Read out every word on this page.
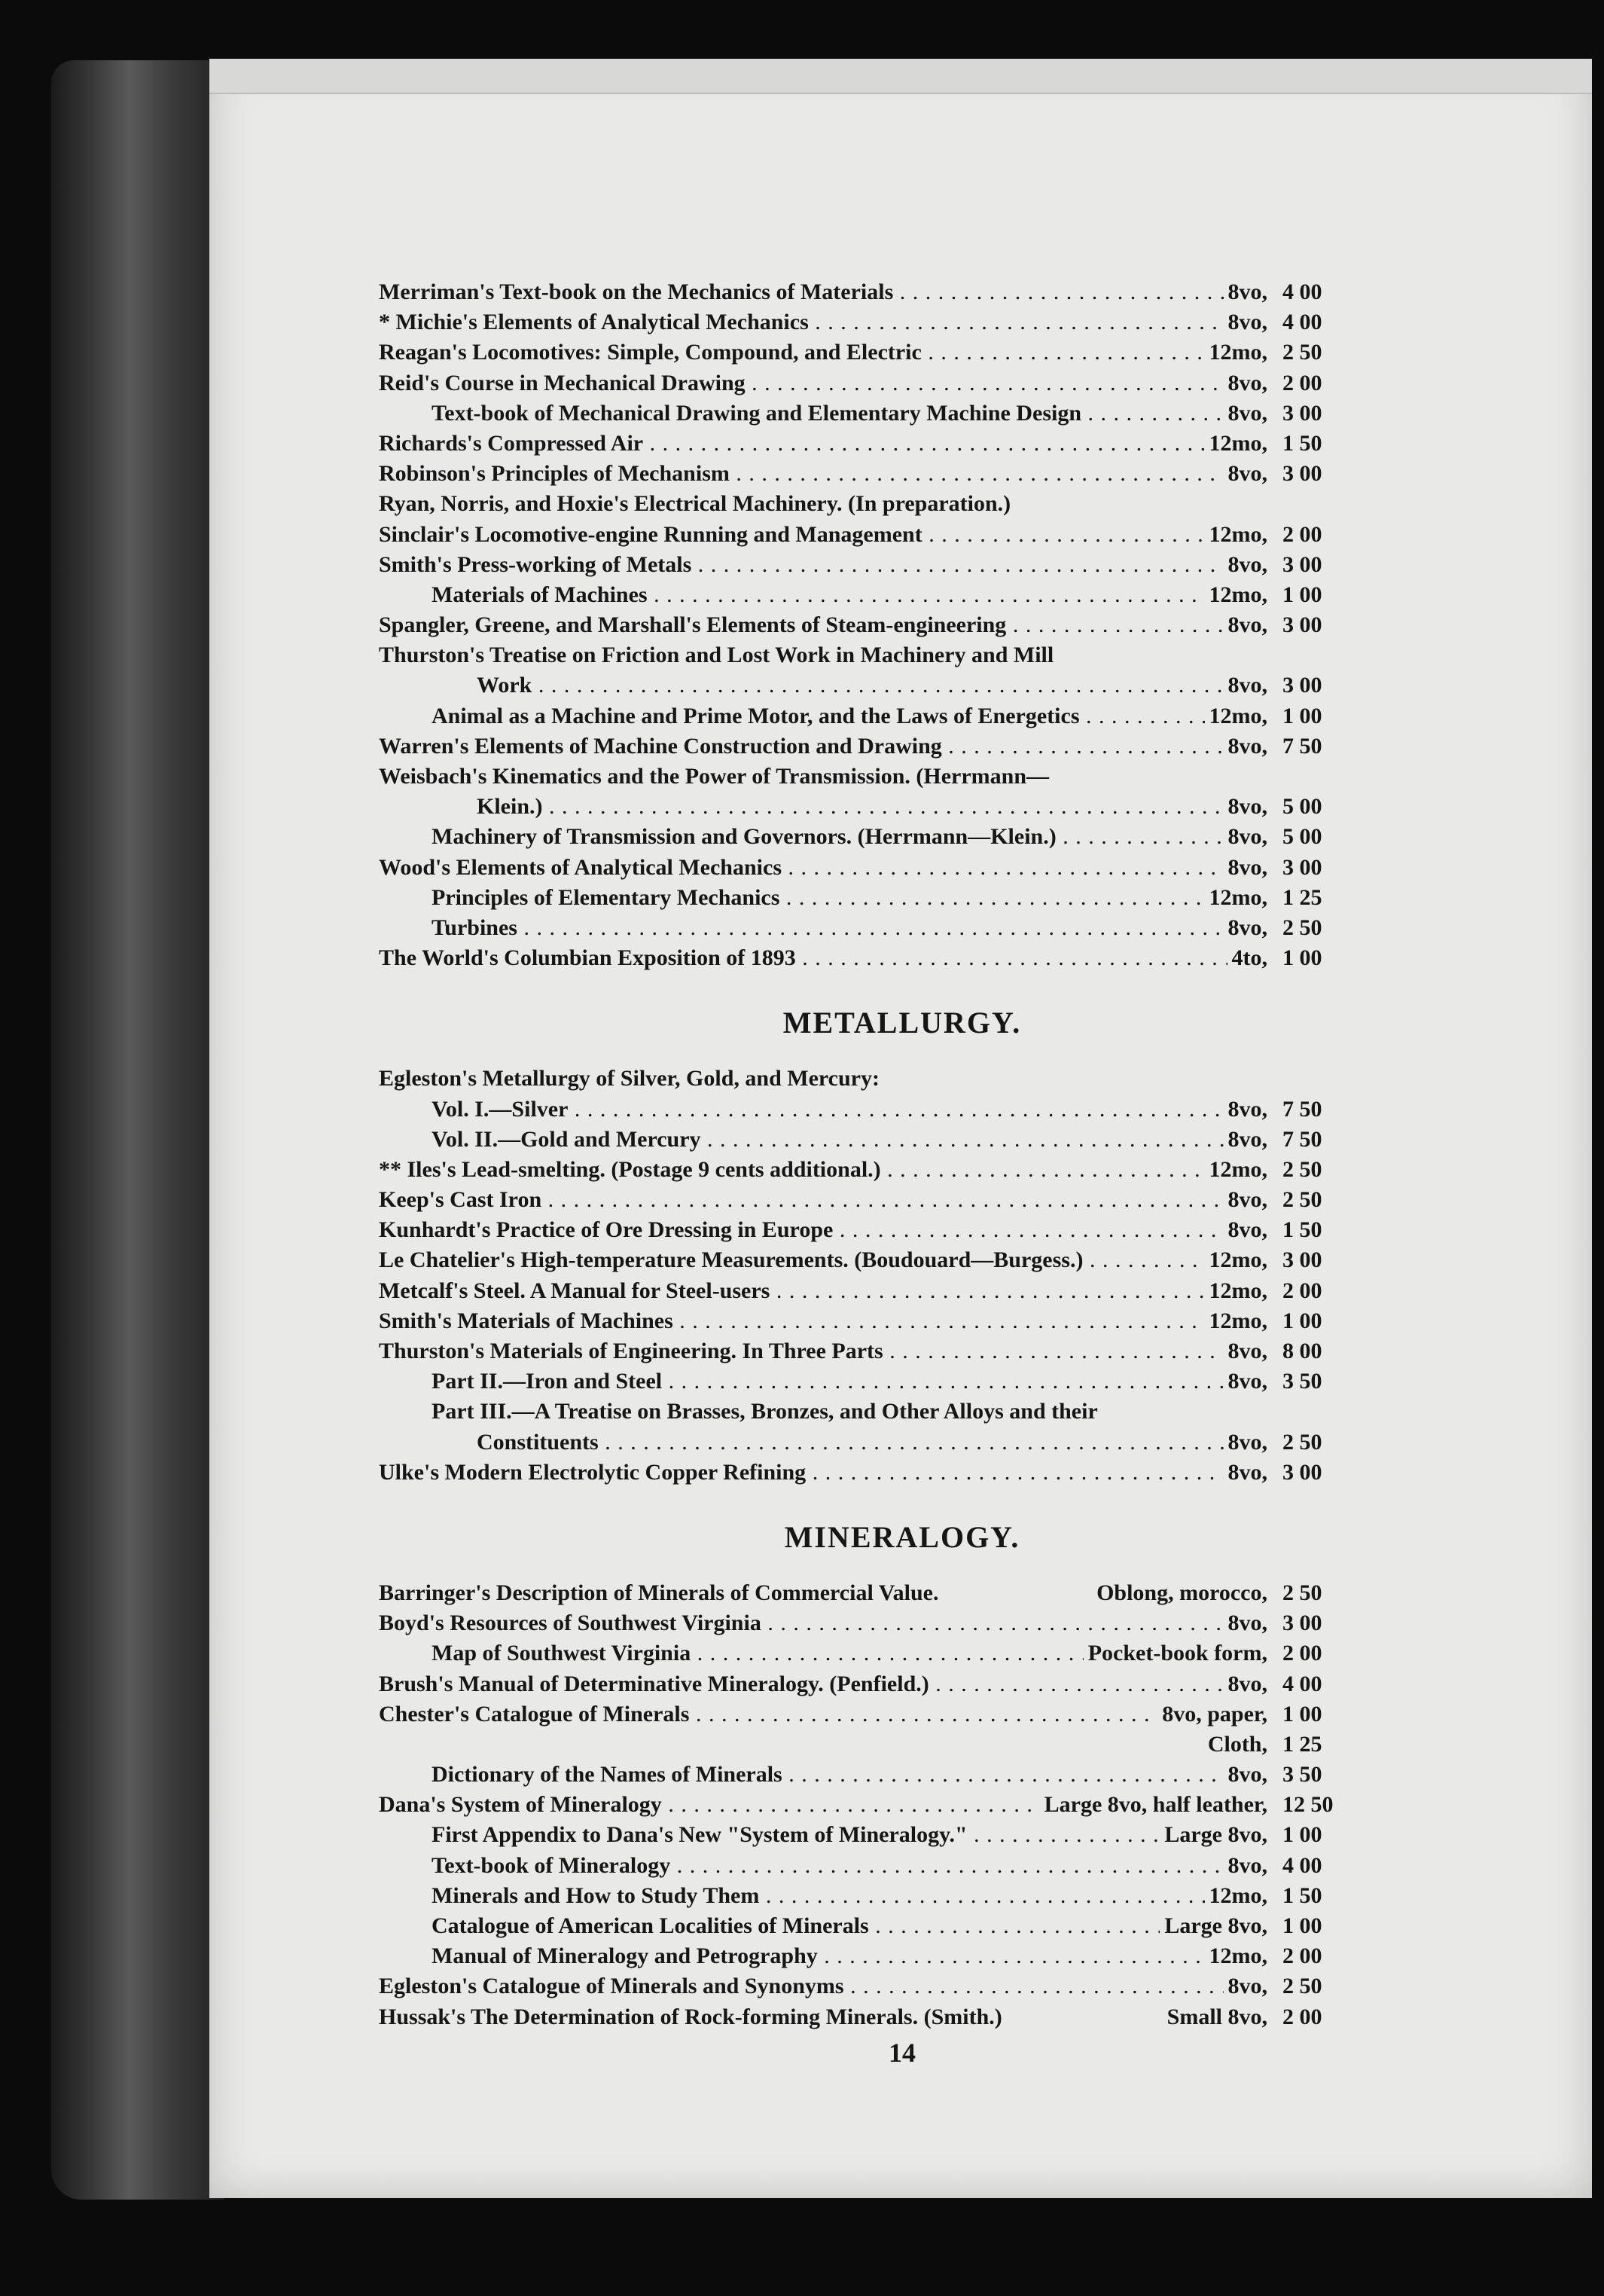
Merriman's Text-book on the Mechanics of Materials . . .	8vo, 4 00
* Michie's Elements of Analytical Mechanics . . .	8vo, 4 00
Reagan's Locomotives: Simple, Compound, and Electric . . .	12mo, 2 50
Reid's Course in Mechanical Drawing . . .	8vo, 2 00
Text-book of Mechanical Drawing and Elementary Machine Design . . .	8vo, 3 00
Richards's Compressed Air . . .	12mo, 1 50
Robinson's Principles of Mechanism . . .	8vo, 3 00
Ryan, Norris, and Hoxie's Electrical Machinery. (In preparation.)
Sinclair's Locomotive-engine Running and Management . . .	12mo, 2 00
Smith's Press-working of Metals . . .	8vo, 3 00
Materials of Machines . . .	12mo, 1 00
Spangler, Greene, and Marshall's Elements of Steam-engineering . . .	8vo, 3 00
Thurston's Treatise on Friction and Lost Work in Machinery and Mill
Work . . .	8vo, 3 00
Animal as a Machine and Prime Motor, and the Laws of Energetics . . .	12mo, 1 00
Warren's Elements of Machine Construction and Drawing . . .	8vo, 7 50
Weisbach's Kinematics and the Power of Transmission. (Herrmann—
Klein.) . . .	8vo, 5 00
Machinery of Transmission and Governors. (Herrmann—Klein.) . . .	8vo, 5 00
Wood's Elements of Analytical Mechanics . . .	8vo, 3 00
Principles of Elementary Mechanics . . .	12mo, 1 25
Turbines . . .	8vo, 2 50
The World's Columbian Exposition of 1893 . . .	4to, 1 00
METALLURGY.
Egleston's Metallurgy of Silver, Gold, and Mercury:
Vol. I.—Silver . . .	8vo, 7 50
Vol. II.—Gold and Mercury . . .	8vo, 7 50
** Iles's Lead-smelting. (Postage 9 cents additional.) . . .	12mo, 2 50
Keep's Cast Iron . . .	8vo, 2 50
Kunhardt's Practice of Ore Dressing in Europe . . .	8vo, 1 50
Le Chatelier's High-temperature Measurements. (Boudouard—Burgess.) . . .	12mo, 3 00
Metcalf's Steel. A Manual for Steel-users . . .	12mo, 2 00
Smith's Materials of Machines . . .	12mo, 1 00
Thurston's Materials of Engineering. In Three Parts . . .	8vo, 8 00
Part II.—Iron and Steel . . .	8vo, 3 50
Part III.—A Treatise on Brasses, Bronzes, and Other Alloys and their
Constituents . . .	8vo, 2 50
Ulke's Modern Electrolytic Copper Refining . . .	8vo, 3 00
MINERALOGY.
Barringer's Description of Minerals of Commercial Value.	Oblong, morocco, 2 50
Boyd's Resources of Southwest Virginia . . .	8vo, 3 00
Map of Southwest Virginia . . .	Pocket-book form, 2 00
Brush's Manual of Determinative Mineralogy. (Penfield.) . . .	8vo, 4 00
Chester's Catalogue of Minerals . . .	8vo, paper, 1 00
Cloth, 1 25
Dictionary of the Names of Minerals . . .	8vo, 3 50
Dana's System of Mineralogy . . .	Large 8vo, half leather, 12 50
First Appendix to Dana's New "System of Mineralogy." . . .	Large 8vo, 1 00
Text-book of Mineralogy . . .	8vo, 4 00
Minerals and How to Study Them . . .	12mo, 1 50
Catalogue of American Localities of Minerals . . .	Large 8vo, 1 00
Manual of Mineralogy and Petrography . . .	12mo, 2 00
Egleston's Catalogue of Minerals and Synonyms . . .	8vo, 2 50
Hussak's The Determination of Rock-forming Minerals. (Smith.)	Small 8vo, 2 00
14
